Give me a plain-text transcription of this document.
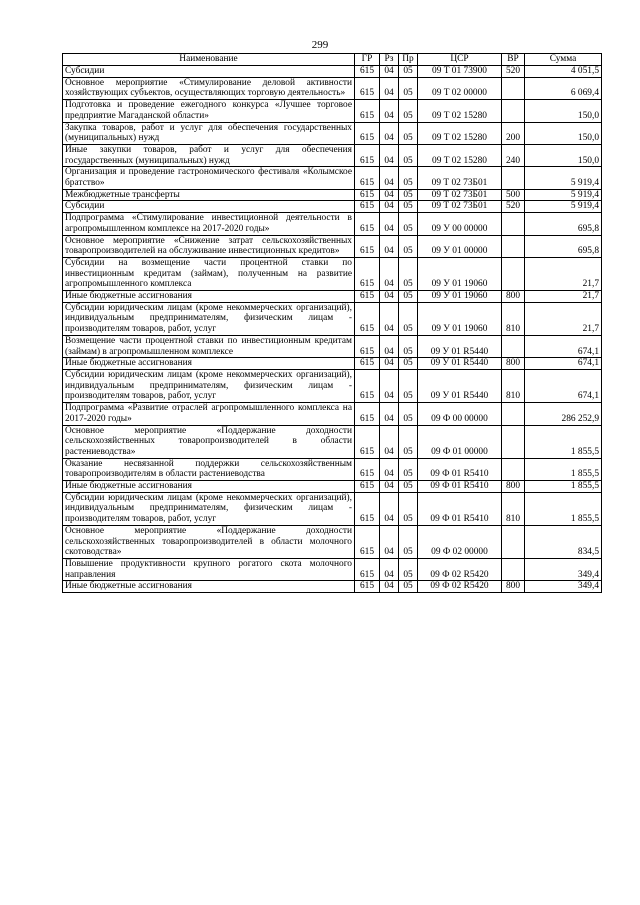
299
Наименование	ГР	Рз	Пр	ЦСР	ВР	Сумма
Субсидии	615	04	05	09 Т 01 73900	520	4 051,5
Основное мероприятие «Стимулирование деловой активности хозяйствующих субъектов, осуществляющих торговую деятельность»	615	04	05	09 Т 02 00000		6 069,4
Подготовка и проведение ежегодного конкурса «Лучшее торговое предприятие Магаданской области»	615	04	05	09 Т 02 15280		150,0
Закупка товаров, работ и услуг для обеспечения государственных (муниципальных) нужд	615	04	05	09 Т 02 15280	200	150,0
Иные закупки товаров, работ и услуг для обеспечения государственных (муниципальных) нужд	615	04	05	09 Т 02 15280	240	150,0
Организация и проведение гастрономического фестиваля «Колымское братство»	615	04	05	09 Т 02 73Б01		5 919,4
Межбюджетные трансферты	615	04	05	09 Т 02 73Б01	500	5 919,4
Субсидии	615	04	05	09 Т 02 73Б01	520	5 919,4
Подпрограмма «Стимулирование инвестиционной деятельности в агропромышленном комплексе на 2017-2020 годы»	615	04	05	09 У 00 00000		695,8
Основное мероприятие «Снижение затрат сельскохозяйственных товаропроизводителей на обслуживание инвестиционных кредитов»	615	04	05	09 У 01 00000		695,8
Субсидии на возмещение части процентной ставки по инвестиционным кредитам (займам), полученным на развитие агропромышленного комплекса	615	04	05	09 У 01 19060		21,7
Иные бюджетные ассигнования	615	04	05	09 У 01 19060	800	21,7
Субсидии юридическим лицам (кроме некоммерческих организаций), индивидуальным предпринимателям, физическим лицам - производителям товаров, работ, услуг	615	04	05	09 У 01 19060	810	21,7
Возмещение части процентной ставки по инвестиционным кредитам (займам) в агропромышленном комплексе	615	04	05	09 У 01 R5440		674,1
Иные бюджетные ассигнования	615	04	05	09 У 01 R5440	800	674,1
Субсидии юридическим лицам (кроме некоммерческих организаций), индивидуальным предпринимателям, физическим лицам - производителям товаров, работ, услуг	615	04	05	09 У 01 R5440	810	674,1
Подпрограмма «Развитие отраслей агропромышленного комплекса на 2017-2020 годы»	615	04	05	09 Ф 00 00000		286 252,9
Основное мероприятие «Поддержание доходности сельскохозяйственных товаропроизводителей в области растениеводства»	615	04	05	09 Ф 01 00000		1 855,5
Оказание несвязанной поддержки сельскохозяйственным товаропроизводителям в области растениеводства	615	04	05	09 Ф 01 R5410		1 855,5
Иные бюджетные ассигнования	615	04	05	09 Ф 01 R5410	800	1 855,5
Субсидии юридическим лицам (кроме некоммерческих организаций), индивидуальным предпринимателям, физическим лицам - производителям товаров, работ, услуг	615	04	05	09 Ф 01 R5410	810	1 855,5
Основное мероприятие «Поддержание доходности сельскохозяйственных товаропроизводителей в области молочного скотоводства»	615	04	05	09 Ф 02 00000		834,5
Повышение продуктивности крупного рогатого скота молочного направления	615	04	05	09 Ф 02 R5420		349,4
Иные бюджетные ассигнования	615	04	05	09 Ф 02 R5420	800	349,4
